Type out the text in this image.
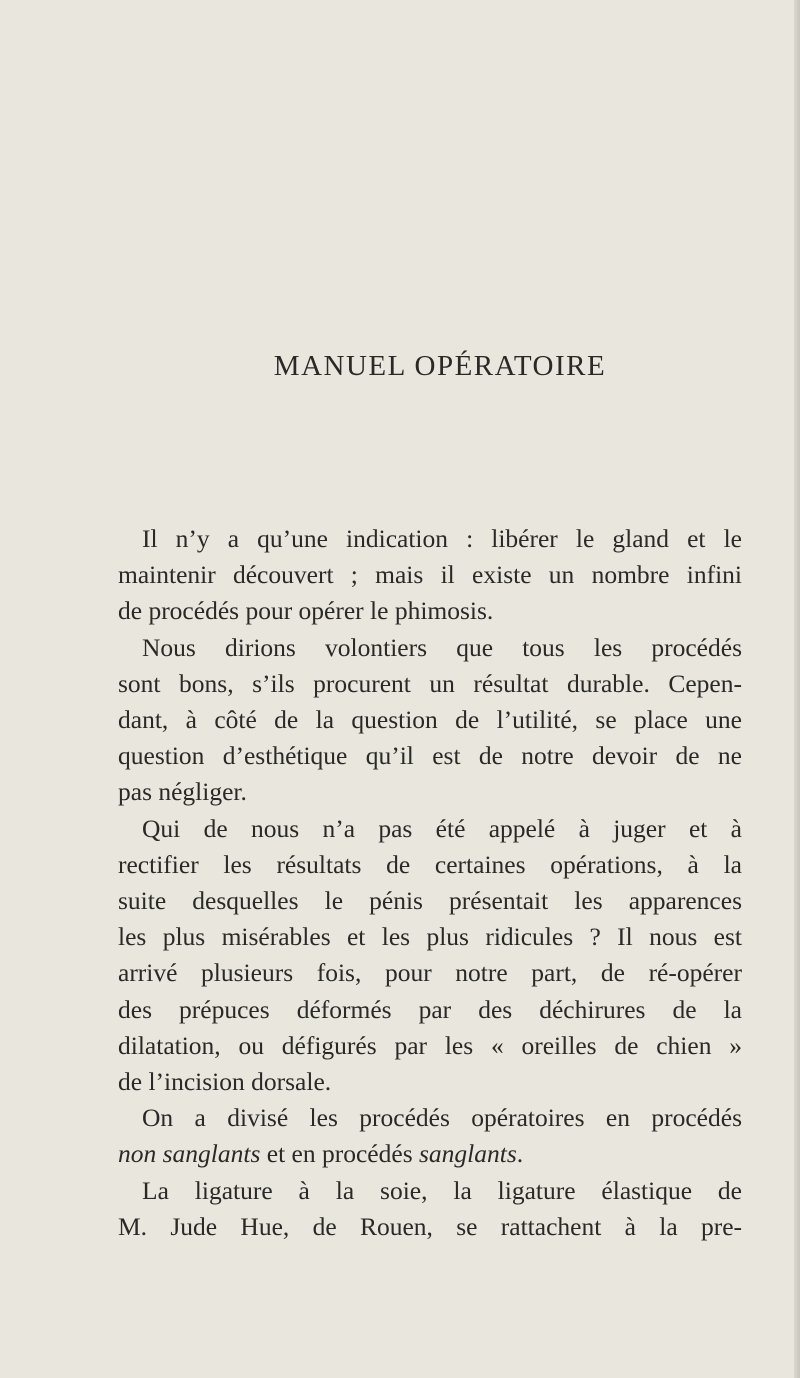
MANUEL OPÉRATOIRE

Il n’y a qu’une indication : libérer le gland et le
maintenir découvert ; mais il existe un nombre infini
de procédés pour opérer le phimosis.

Nous dirions volontiers que tous les procédés
sont bons, s’ils procurent un résultat durable. Cepen-
dant, à côté de la question de l’utilité, se place une
question d’esthétique qu’il est de notre devoir de ne
pas négliger.

Qui de nous n’a pas été appelé à juger et à
rectifier les résultats de certaines opérations, à la
suite desquelles le pénis présentait les apparences
les plus misérables et les plus ridicules ? Il nous est
arrivé plusieurs fois, pour notre part, de ré-opérer
des prépuces déformés par des déchirures de la
dilatation, ou défigurés par les « oreilles de chien »
de l’incision dorsale.

On a divisé les procédés opératoires en procédés
non sanglants et en procédés sanglants.

La ligature à la soie, la ligature élastique de
M. Jude Hue, de Rouen, se rattachent à la pre-
